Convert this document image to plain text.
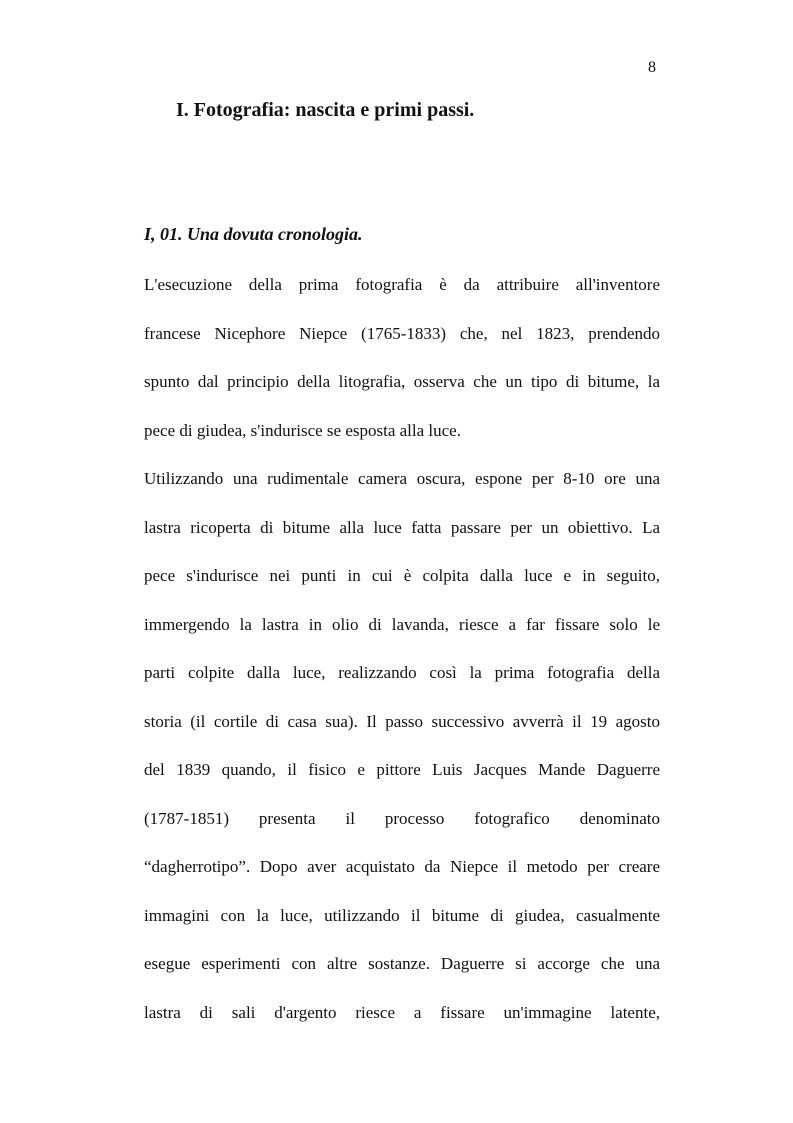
8
I. Fotografia: nascita e primi passi.
I, 01. Una dovuta cronologia.
L'esecuzione della prima fotografia è da attribuire all'inventore
francese Nicephore Niepce (1765-1833) che, nel 1823, prendendo
spunto dal principio della litografia, osserva che un tipo di bitume, la
pece di giudea, s'indurisce se esposta alla luce.
Utilizzando una rudimentale camera oscura, espone per 8-10 ore una
lastra ricoperta di bitume alla luce fatta passare per un obiettivo. La
pece s'indurisce nei punti in cui è colpita dalla luce e in seguito,
immergendo la lastra in olio di lavanda, riesce a far fissare solo le
parti colpite dalla luce, realizzando così la prima fotografia della
storia (il cortile di casa sua). Il passo successivo avverrà il 19 agosto
del 1839 quando, il fisico e pittore Luis Jacques Mande Daguerre
(1787-1851) presenta il processo fotografico denominato
“dagherrotipo”. Dopo aver acquistato da Niepce il metodo per creare
immagini con la luce, utilizzando il bitume di giudea, casualmente
esegue esperimenti con altre sostanze. Daguerre si accorge che una
lastra di sali d'argento riesce a fissare un'immagine latente,
